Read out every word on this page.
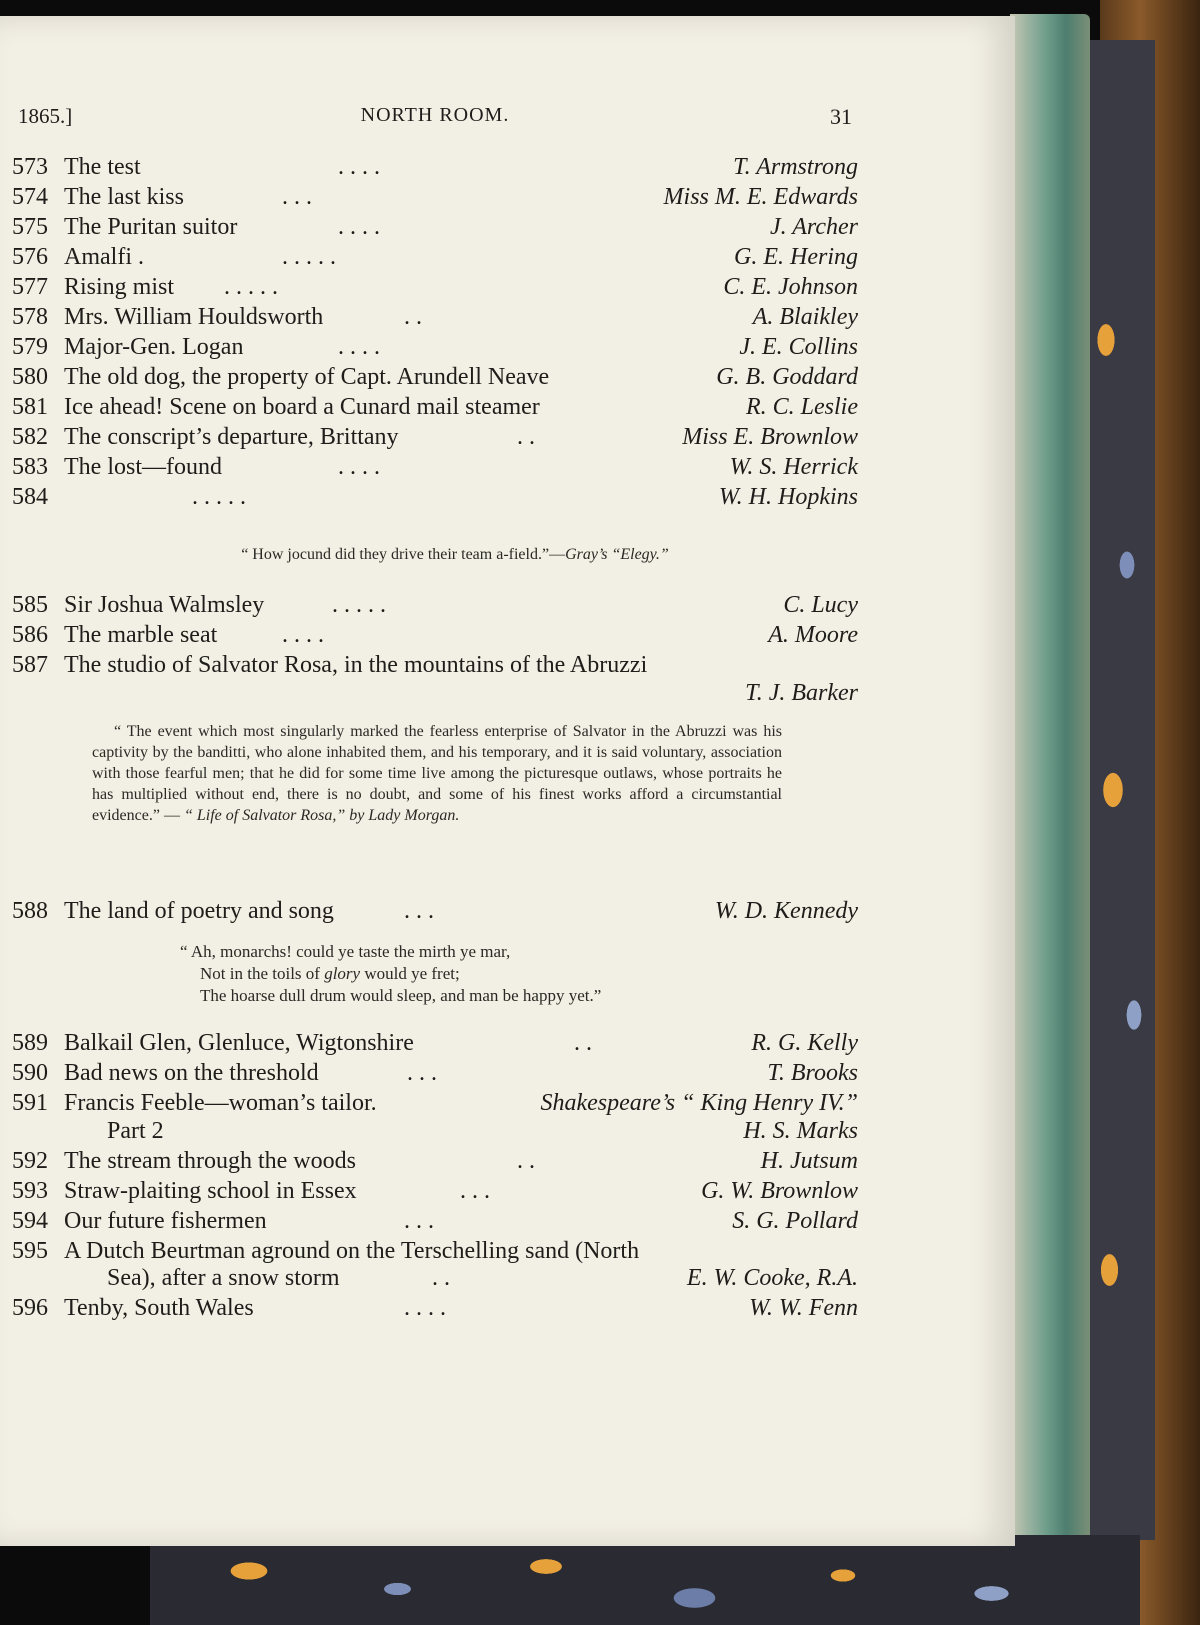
1865.]	NORTH ROOM.	31
573 The test	. . . .	T. Armstrong
574 The last kiss	. . .	Miss M. E. Edwards
575 The Puritan suitor	. . . .	J. Archer
576 Amalfi .	. . . . .	G. E. Hering
577 Rising mist . . . . .	C. E. Johnson
578 Mrs. William Houldsworth	. .	A. Blaikley
579 Major-Gen. Logan	. . . .	J. E. Collins
580 The old dog, the property of Capt. Arundell Neave	G. B. Goddard
581 Ice ahead! Scene on board a Cunard mail steamer	R. C. Leslie
582 The conscript’s departure, Brittany	. .	Miss E. Brownlow
583 The lost—found	. . . .	W. S. Herrick
584	. . . . .	W. H. Hopkins
“ How jocund did they drive their team a-field.”—Gray’s “Elegy.”
585 Sir Joshua Walmsley	. . . . .	C. Lucy
586 The marble seat	. . . .	A. Moore
587 The studio of Salvator Rosa, in the mountains of the Abruzzi
T. J. Barker
“ The event which most singularly marked the fearless enterprise of Salvator in the Abruzzi was his captivity by the banditti, who alone inhabited them, and his temporary, and it is said voluntary, association with those fearful men; that he did for some time live among the picturesque outlaws, whose portraits he has multiplied without end, there is no doubt, and some of his finest works afford a circumstantial evidence.” — “ Life of Salvator Rosa,” by Lady Morgan.
588 The land of poetry and song	. . .	W. D. Kennedy
“ Ah, monarchs! could ye taste the mirth ye mar,
Not in the toils of glory would ye fret;
The hoarse dull drum would sleep, and man be happy yet.”
589 Balkail Glen, Glenluce, Wigtonshire	. .	R. G. Kelly
590 Bad news on the threshold	. . .	T. Brooks
591 Francis Feeble—woman’s tailor.	Shakespeare’s “ King Henry IV.”
Part 2	H. S. Marks
592 The stream through the woods	. .	H. Jutsum
593 Straw-plaiting school in Essex	. . .	G. W. Brownlow
594 Our future fishermen	. . .	S. G. Pollard
595 A Dutch Beurtman aground on the Terschelling sand (North
Sea), after a snow storm	. .	E. W. Cooke, R.A.
596 Tenby, South Wales	. . . .	W. W. Fenn
